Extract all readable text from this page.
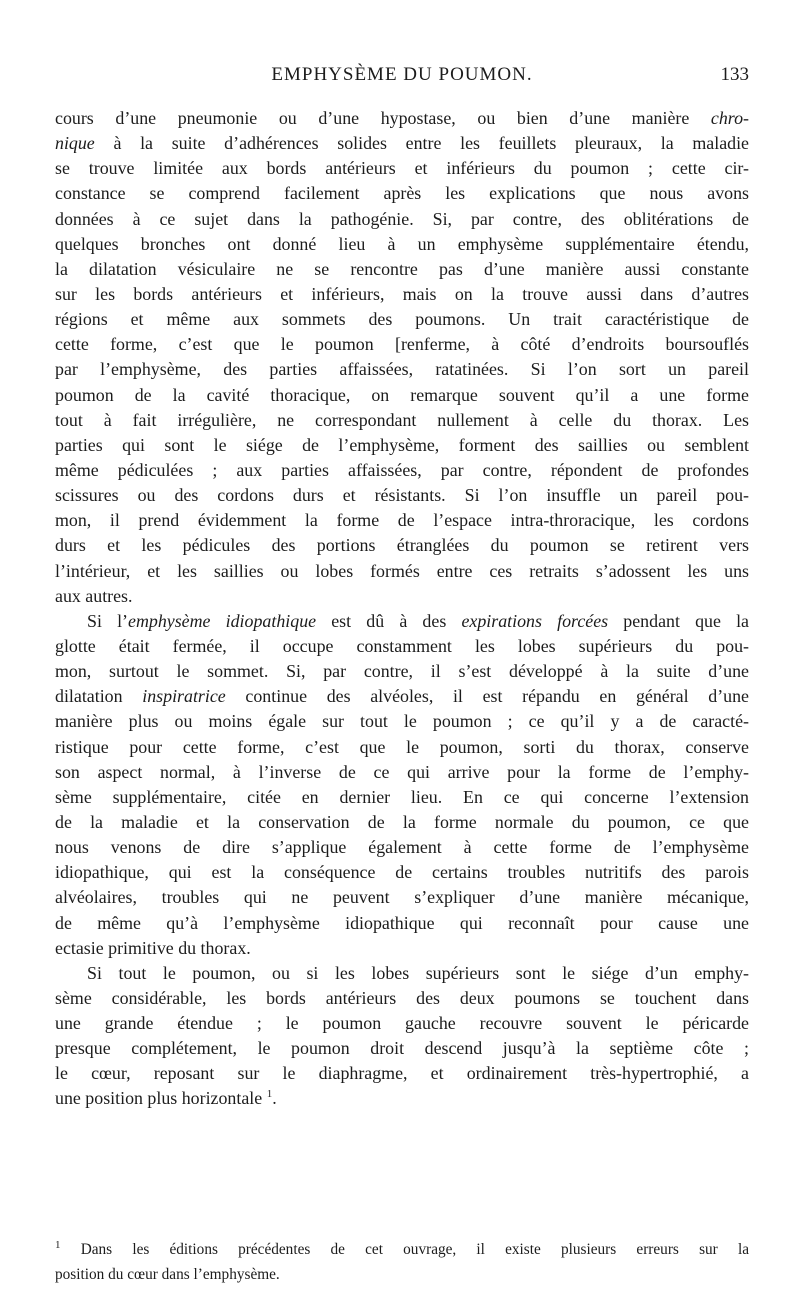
EMPHYSÈME DU POUMON.	133

cours d’une pneumonie ou d’une hypostase, ou bien d’une manière chro-
nique à la suite d’adhérences solides entre les feuillets pleuraux, la maladie
se trouve limitée aux bords antérieurs et inférieurs du poumon ; cette cir-
constance se comprend facilement après les explications que nous avons
données à ce sujet dans la pathogénie. Si, par contre, des oblitérations de
quelques bronches ont donné lieu à un emphysème supplémentaire étendu,
la dilatation vésiculaire ne se rencontre pas d’une manière aussi constante
sur les bords antérieurs et inférieurs, mais on la trouve aussi dans d’autres
régions et même aux sommets des poumons. Un trait caractéristique de
cette forme, c’est que le poumon [renferme, à côté d’endroits boursouflés
par l’emphysème, des parties affaissées, ratatinées. Si l’on sort un pareil
poumon de la cavité thoracique, on remarque souvent qu’il a une forme
tout à fait irrégulière, ne correspondant nullement à celle du thorax. Les
parties qui sont le siége de l’emphysème, forment des saillies ou semblent
même pédiculées ; aux parties affaissées, par contre, répondent de profondes
scissures ou des cordons durs et résistants. Si l’on insuffle un pareil pou-
mon, il prend évidemment la forme de l’espace intra-throracique, les cordons
durs et les pédicules des portions étranglées du poumon se retirent vers
l’intérieur, et les saillies ou lobes formés entre ces retraits s’adossent les uns
aux autres.

Si l’emphysème idiopathique est dû à des expirations forcées pendant que la
glotte était fermée, il occupe constamment les lobes supérieurs du pou-
mon, surtout le sommet. Si, par contre, il s’est développé à la suite d’une
dilatation inspiratrice continue des alvéoles, il est répandu en général d’une
manière plus ou moins égale sur tout le poumon ; ce qu’il y a de caracté-
ristique pour cette forme, c’est que le poumon, sorti du thorax, conserve
son aspect normal, à l’inverse de ce qui arrive pour la forme de l’emphy-
sème supplémentaire, citée en dernier lieu. En ce qui concerne l’extension
de la maladie et la conservation de la forme normale du poumon, ce que
nous venons de dire s’applique également à cette forme de l’emphysème
idiopathique, qui est la conséquence de certains troubles nutritifs des parois
alvéolaires, troubles qui ne peuvent s’expliquer d’une manière mécanique,
de même qu’à l’emphysème idiopathique qui reconnaît pour cause une
ectasie primitive du thorax.

Si tout le poumon, ou si les lobes supérieurs sont le siége d’un emphy-
sème considérable, les bords antérieurs des deux poumons se touchent dans
une grande étendue ; le poumon gauche recouvre souvent le péricarde
presque complétement, le poumon droit descend jusqu’à la septième côte ;
le cœur, reposant sur le diaphragme, et ordinairement très-hypertrophié, a
une position plus horizontale $^1$.

$^1$ Dans les éditions précédentes de cet ouvrage, il existe plusieurs erreurs sur la
position du cœur dans l’emphysème.
